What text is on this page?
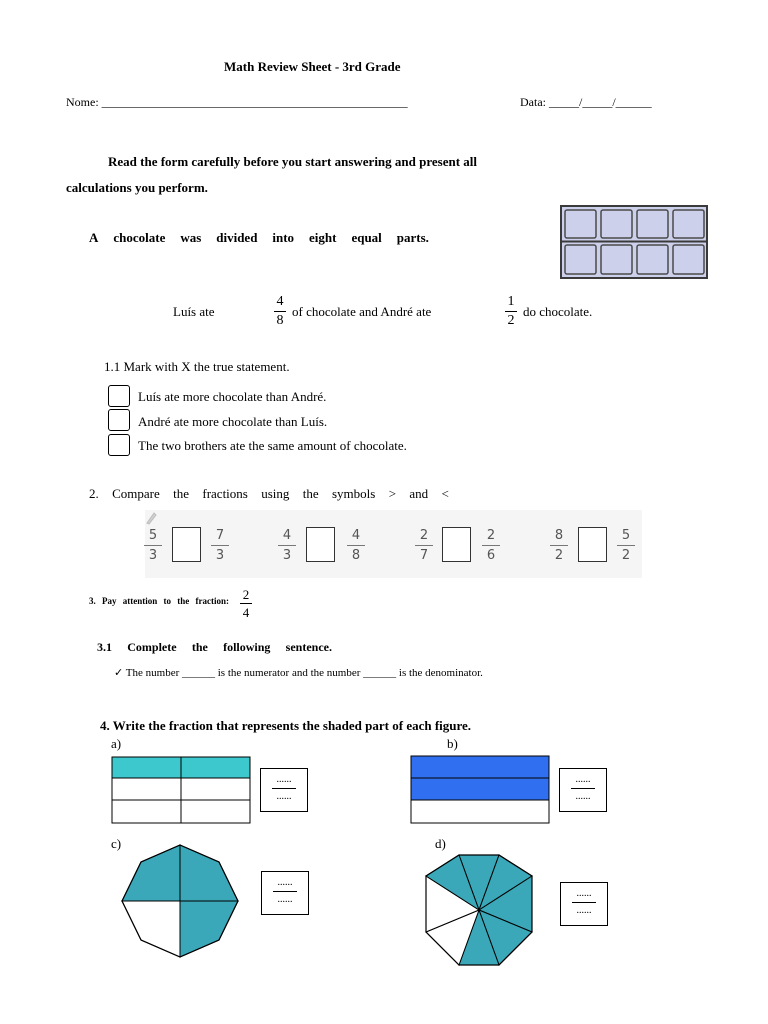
Math Review Sheet - 3rd Grade
Nome: ___________________________________________________	Data: _____/_____/______
Read the form carefully before you start answering and present all
calculations you perform.
A chocolate was divided into eight equal parts.
Luís ate
4
8
of chocolate and André ate
1
2
do chocolate.
1.1 Mark with X the true statement.
Luís ate more chocolate than André.
André ate more chocolate than Luís.
The two brothers ate the same amount of chocolate.
2. Compare the fractions using the symbols > and <
5
3
7
3
4
3
4
8
2
7
2
6
8
2
5
2
3. Pay attention to the fraction: 2
4
3.1 Complete the following sentence.
✓ The number ______ is the numerator and the number ______ is the denominator.
4. Write the fraction that represents the shaded part of each figure.
a)	b)
......
......
......
......
c)	d)
......
......
......
......
